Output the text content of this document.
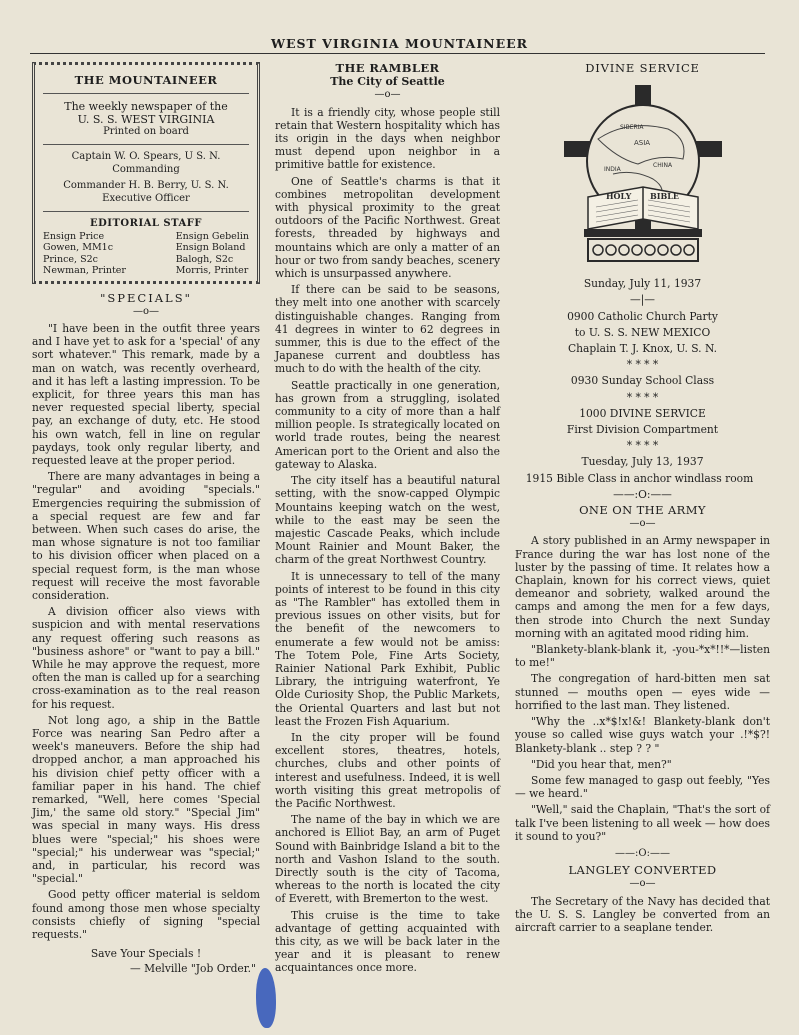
WEST VIRGINIA MOUNTAINEER
THE MOUNTAINEER
The weekly newspaper of the
U. S. S. WEST VIRGINIA
Printed on board
Captain W. O. Spears, U S. N.
Commanding
Commander H. B. Berry, U. S. N.
Executive Officer
EDITORIAL STAFF
Ensign Price
Gowen, MM1c
Prince, S2c
Newman, Printer
Ensign Gebelin
Ensign Boland
Balogh, S2c
Morris, Printer
"SPECIALS"
—o—

"I have been in the outfit three years and I have yet to ask for a 'special' of any sort whatever." This remark, made by a man on watch, was recently overheard, and it has left a lasting impression. To be explicit, for three years this man has never requested special liberty, special pay, an exchange of duty, etc. He stood his own watch, fell in line on regular paydays, took only regular liberty, and requested leave at the proper period.

There are many advantages in being a "regular" and avoiding "specials." Emergencies requiring the submission of a special request are few and far between. When such cases do arise, the man whose signature is not too familiar to his division officer when placed on a special request form, is the man whose request will receive the most favorable consideration.

A division officer also views with suspicion and with mental reservations any request offering such reasons as "business ashore" or "want to pay a bill." While he may approve the request, more often the man is called up for a searching cross-examination as to the real reason for his request.

Not long ago, a ship in the Battle Force was nearing San Pedro after a week's maneuvers. Before the ship had dropped anchor, a man approached his his division chief petty officer with a familiar paper in his hand. The chief remarked, "Well, here comes 'Special Jim,' the same old story." "Special Jim" was special in many ways. His dress blues were "special;" his shoes were "special;" his underwear was "special;" and, in particular, his record was "special."

Good petty officer material is seldom found among those men whose specialty consists chiefly of signing "special requests."

Save Your Specials !
— Melville "Job Order."
THE RAMBLER
The City of Seattle
—o—

It is a friendly city, whose people still retain that Western hospitality which has its origin in the days when neighbor must depend upon neighbor in a primitive battle for existence.

One of Seattle's charms is that it combines metropolitan development with physical proximity to the great outdoors of the Pacific Northwest. Great forests, threaded by highways and mountains which are only a matter of an hour or two from sandy beaches, scenery which is unsurpassed anywhere.

If there can be said to be seasons, they melt into one another with scarcely distinguishable changes. Ranging from 41 degrees in winter to 62 degrees in summer, this is due to the effect of the Japanese current and doubtless has much to do with the health of the city.

Seattle practically in one generation, has grown from a struggling, isolated community to a city of more than a half million people. Is strategically located on world trade routes, being the nearest American port to the Orient and also the gateway to Alaska.

The city itself has a beautiful natural setting, with the snow-capped Olympic Mountains keeping watch on the west, while to the east may be seen the majestic Cascade Peaks, which include Mount Rainier and Mount Baker, the charm of the great Northwest Country.

It is unnecessary to tell of the many points of interest to be found in this city as "The Rambler" has extolled them in previous issues on other visits, but for the benefit of the newcomers to enumerate a few would not be amiss: The Totem Pole, Fine Arts Society, Rainier National Park Exhibit, Public Library, the intriguing waterfront, Ye Olde Curiosity Shop, the Public Markets, the Oriental Quarters and last but not least the Frozen Fish Aquarium.

In the city proper will be found excellent stores, theatres, hotels, churches, clubs and other points of interest and usefulness. Indeed, it is well worth visiting this great metropolis of the Pacific Northwest.

The name of the bay in which we are anchored is Elliot Bay, an arm of Puget Sound with Bainbridge Island a bit to the north and Vashon Island to the south. Directly south is the city of Tacoma, whereas to the north is located the city of Everett, with Bremerton to the west.

This cruise is the time to take advantage of getting acquainted with this city, as we will be back later in the year and it is pleasant to renew acquaintances once more.

DIVINE SERVICE
SIBERIA
ASIA
CHINA
INDIA
HOLY BIBLE
Sunday, July 11, 1937
—|—
0900 Catholic Church Party
to U. S. S. NEW MEXICO
Chaplain T. J. Knox, U. S. N.
* * * *
0930 Sunday School Class
* * * *
1000 DIVINE SERVICE
First Division Compartment
* * * *
Tuesday, July 13, 1937
1915 Bible Class in anchor windlass room
——:O:——
ONE ON THE ARMY
—o—

A story published in an Army newspaper in France during the war has lost none of the luster by the passing of time. It relates how a Chaplain, known for his correct views, quiet demeanor and sobriety, walked around the camps and among the men for a few days, then strode into Church the next Sunday morning with an agitated mood riding him.

"Blankety-blank-blank it, -you-*x*!!*—listen to me!"

The congregation of hard-bitten men sat stunned — mouths open — eyes wide — horrified to the last man. They listened.

"Why the ..x*$!x!&! Blankety-blank don't youse so called wise guys watch your .!*$?! Blankety-blank .. step ? ? "

"Did you hear that, men?"

Some few managed to gasp out feebly, "Yes — we heard."

"Well," said the Chaplain, "That's the sort of talk I've been listening to all week — how does it sound to you?"

——:O:——
LANGLEY CONVERTED
—o—

The Secretary of the Navy has decided that the U. S. S. Langley be converted from an aircraft carrier to a seaplane tender.
